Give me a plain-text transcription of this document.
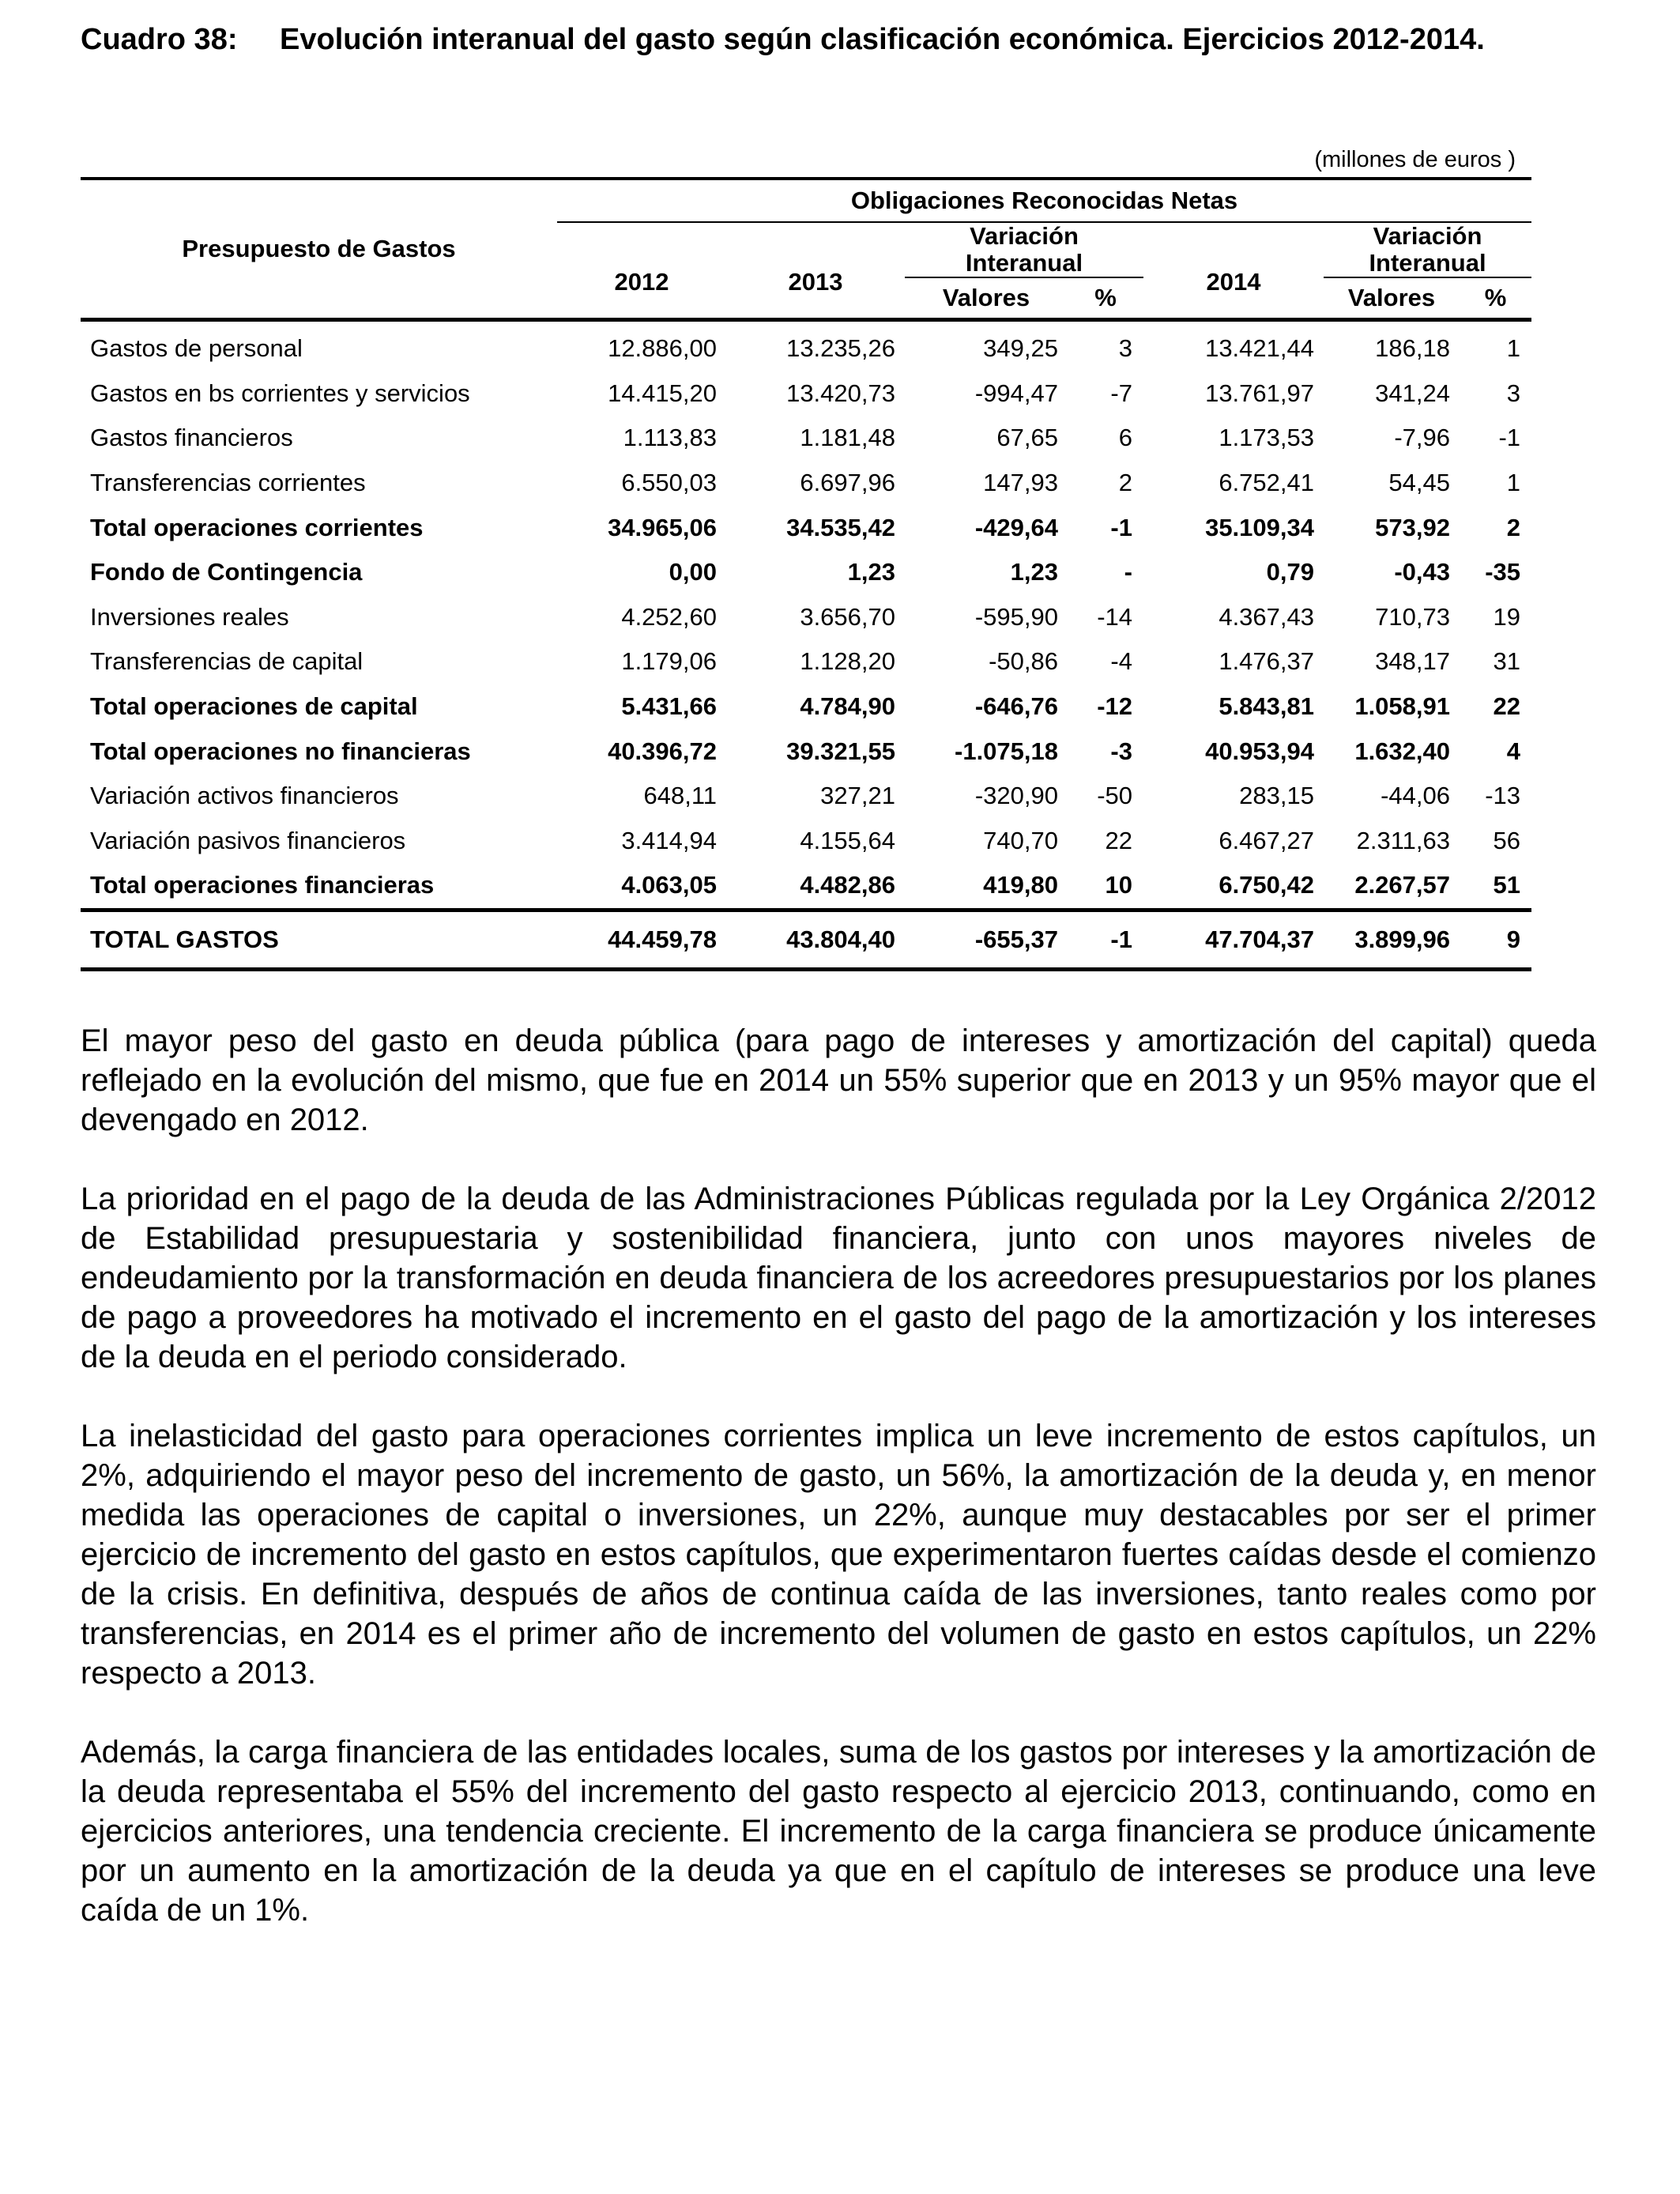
Cuadro 38:	Evolución interanual del gasto según clasificación económica. Ejercicios 2012-2014.
(millones de euros )
Presupuesto de Gastos	Obligaciones Reconocidas Netas						
	2012	2013	Variación Interanual		2014	Variación Interanual	
			Valores	%		Valores	%
Gastos de personal	12.886,00	13.235,26	349,25	3	13.421,44	186,18	1
Gastos en bs corrientes y servicios	14.415,20	13.420,73	-994,47	-7	13.761,97	341,24	3
Gastos financieros	1.113,83	1.181,48	67,65	6	1.173,53	-7,96	-1
Transferencias corrientes	6.550,03	6.697,96	147,93	2	6.752,41	54,45	1
Total operaciones corrientes	34.965,06	34.535,42	-429,64	-1	35.109,34	573,92	2
Fondo de Contingencia	0,00	1,23	1,23	-	0,79	-0,43	-35
Inversiones reales	4.252,60	3.656,70	-595,90	-14	4.367,43	710,73	19
Transferencias de capital	1.179,06	1.128,20	-50,86	-4	1.476,37	348,17	31
Total operaciones de capital	5.431,66	4.784,90	-646,76	-12	5.843,81	1.058,91	22
Total operaciones no financieras	40.396,72	39.321,55	-1.075,18	-3	40.953,94	1.632,40	4
Variación activos financieros	648,11	327,21	-320,90	-50	283,15	-44,06	-13
Variación pasivos financieros	3.414,94	4.155,64	740,70	22	6.467,27	2.311,63	56
Total operaciones financieras	4.063,05	4.482,86	419,80	10	6.750,42	2.267,57	51
TOTAL GASTOS	44.459,78	43.804,40	-655,37	-1	47.704,37	3.899,96	9

El mayor peso del gasto en deuda pública (para pago de intereses y amortización del capital) queda reflejado en la evolución del mismo, que fue en 2014 un 55% superior que en 2013 y un 95% mayor que el devengado en 2012.

La prioridad en el pago de la deuda de las Administraciones Públicas regulada por la Ley Orgánica 2/2012 de Estabilidad presupuestaria y sostenibilidad financiera, junto con unos mayores niveles de endeudamiento por la transformación en deuda financiera de los acreedores presupuestarios por los planes de pago a proveedores ha motivado el incremento en el gasto del pago de la amortización y los intereses de la deuda en el periodo considerado.

La inelasticidad del gasto para operaciones corrientes implica un leve incremento de estos capítulos, un 2%, adquiriendo el mayor peso del incremento de gasto, un 56%, la amortización de la deuda y, en menor medida las operaciones de capital o inversiones, un 22%, aunque muy destacables por ser el primer ejercicio de incremento del gasto en estos capítulos, que experimentaron fuertes caídas desde el comienzo de la crisis. En definitiva, después de años de continua caída de las inversiones, tanto reales como por transferencias, en 2014 es el primer año de incremento del volumen de gasto en estos capítulos, un 22% respecto a 2013.

Además, la carga financiera de las entidades locales, suma de los gastos por intereses y la amortización de la deuda representaba el 55% del incremento del gasto respecto al ejercicio 2013, continuando, como en ejercicios anteriores, una tendencia creciente. El incremento de la carga financiera se produce únicamente por un aumento en la amortización de la deuda ya que en el capítulo de intereses se produce una leve caída de un 1%.
